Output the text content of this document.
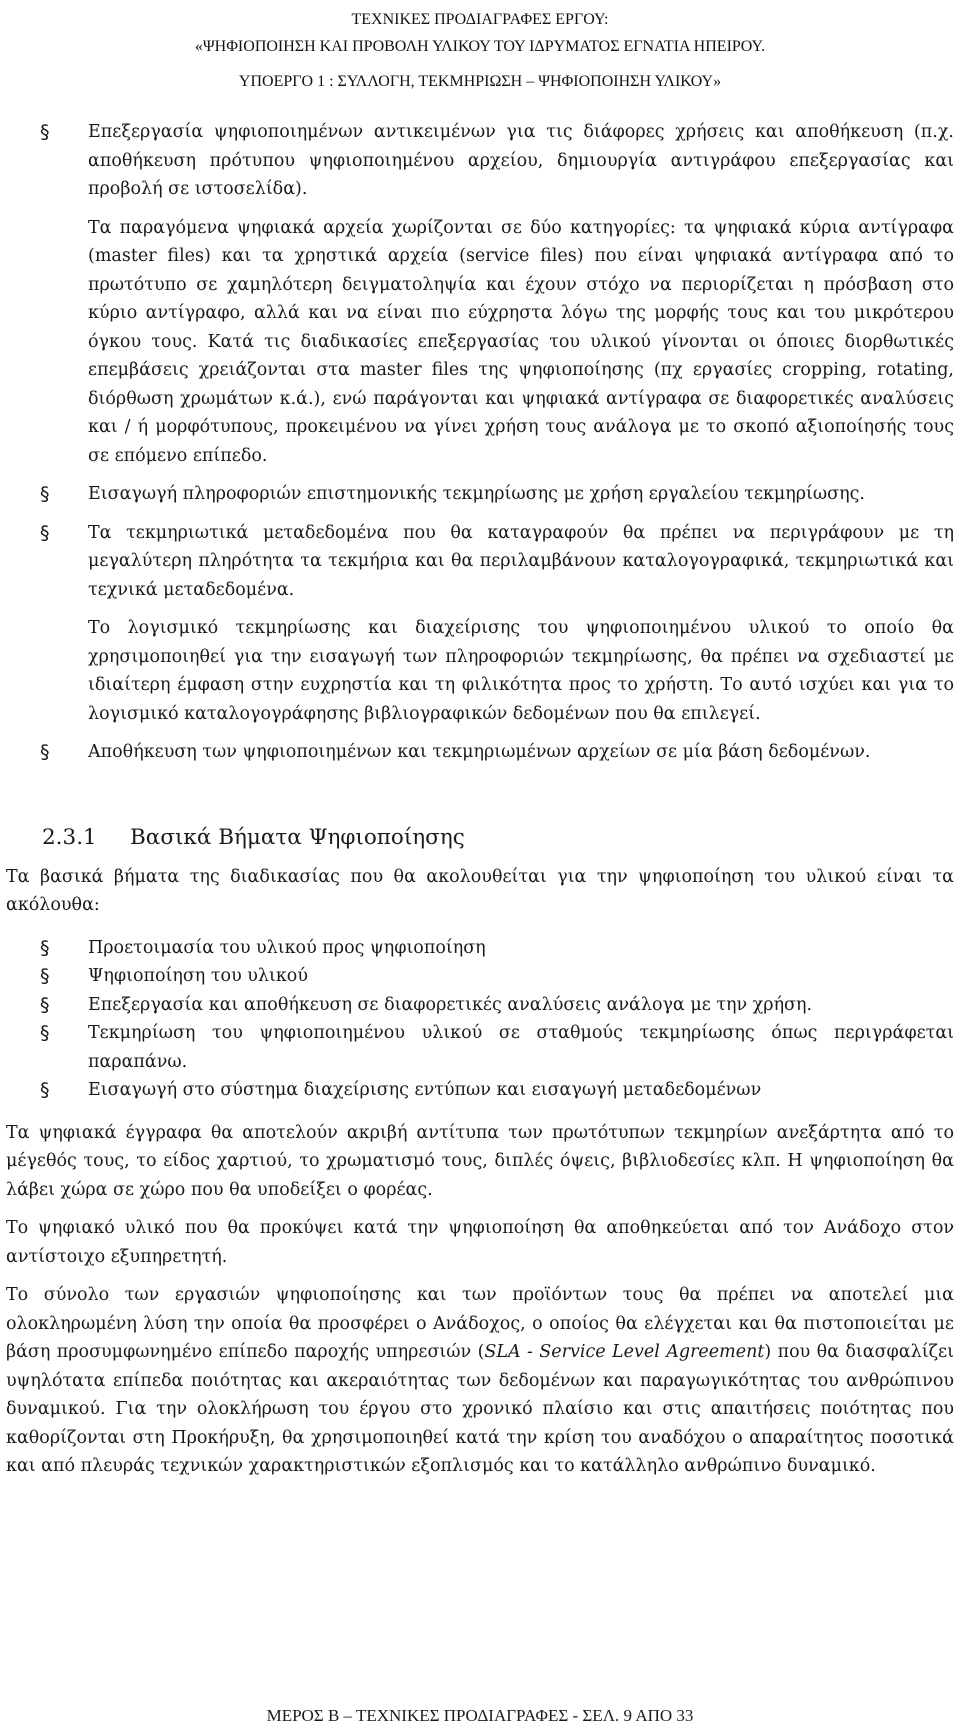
ΤΕΧΝΙΚΕΣ ΠΡΟΔΙΑΓΡΑΦΕΣ ΕΡΓΟΥ:
«ΨΗΦΙΟΠΟΙΗΣΗ ΚΑΙ ΠΡΟΒΟΛΗ ΥΛΙΚΟΥ ΤΟΥ ΙΔΡΥΜΑΤΟΣ ΕΓΝΑΤΙΑ ΗΠΕΙΡΟΥ.
ΥΠΟΕΡΓΟ 1 : ΣΥΛΛΟΓΗ, ΤΕΚΜΗΡΙΩΣΗ – ΨΗΦΙΟΠΟΙΗΣΗ ΥΛΙΚΟΥ»

§ Επεξεργασία ψηφιοποιημένων αντικειμένων για τις διάφορες χρήσεις και αποθήκευση (π.χ. αποθήκευση πρότυπου ψηφιοποιημένου αρχείου, δημιουργία αντιγράφου επεξεργασίας και προβολή σε ιστοσελίδα).

Τα παραγόμενα ψηφιακά αρχεία χωρίζονται σε δύο κατηγορίες: τα ψηφιακά κύρια αντίγραφα (master files) και τα χρηστικά αρχεία (service files) που είναι ψηφιακά αντίγραφα από το πρωτότυπο σε χαμηλότερη δειγματοληψία και έχουν στόχο να περιορίζεται η πρόσβαση στο κύριο αντίγραφο, αλλά και να είναι πιο εύχρηστα λόγω της μορφής τους και του μικρότερου όγκου τους. Κατά τις διαδικασίες επεξεργασίας του υλικού γίνονται οι όποιες διορθωτικές επεμβάσεις χρειάζονται στα master files της ψηφιοποίησης (πχ εργασίες cropping, rotating, διόρθωση χρωμάτων κ.ά.), ενώ παράγονται και ψηφιακά αντίγραφα σε διαφορετικές αναλύσεις και / ή μορφότυπους, προκειμένου να γίνει χρήση τους ανάλογα με το σκοπό αξιοποίησής τους σε επόμενο επίπεδο.

§ Εισαγωγή πληροφοριών επιστημονικής τεκμηρίωσης με χρήση εργαλείου τεκμηρίωσης.

§ Τα τεκμηριωτικά μεταδεδομένα που θα καταγραφούν θα πρέπει να περιγράφουν με τη μεγαλύτερη πληρότητα τα τεκμήρια και θα περιλαμβάνουν καταλογογραφικά, τεκμηριωτικά και τεχνικά μεταδεδομένα.

Το λογισμικό τεκμηρίωσης και διαχείρισης του ψηφιοποιημένου υλικού το οποίο θα χρησιμοποιηθεί για την εισαγωγή των πληροφοριών τεκμηρίωσης, θα πρέπει να σχεδιαστεί με ιδιαίτερη έμφαση στην ευχρηστία και τη φιλικότητα προς το χρήστη. Το αυτό ισχύει και για το λογισμικό καταλογογράφησης βιβλιογραφικών δεδομένων που θα επιλεγεί.

§ Αποθήκευση των ψηφιοποιημένων και τεκμηριωμένων αρχείων σε μία βάση δεδομένων.

2.3.1 Βασικά Βήματα Ψηφιοποίησης

Τα βασικά βήματα της διαδικασίας που θα ακολουθείται για την ψηφιοποίηση του υλικού είναι τα ακόλουθα:

§ Προετοιμασία του υλικού προς ψηφιοποίηση

§ Ψηφιοποίηση του υλικού

§ Επεξεργασία και αποθήκευση σε διαφορετικές αναλύσεις ανάλογα με την χρήση.

§ Τεκμηρίωση του ψηφιοποιημένου υλικού σε σταθμούς τεκμηρίωσης όπως περιγράφεται παραπάνω.

§ Εισαγωγή στο σύστημα διαχείρισης εντύπων και εισαγωγή μεταδεδομένων

Τα ψηφιακά έγγραφα θα αποτελούν ακριβή αντίτυπα των πρωτότυπων τεκμηρίων ανεξάρτητα από το μέγεθός τους, το είδος χαρτιού, το χρωματισμό τους, διπλές όψεις, βιβλιοδεσίες κλπ. Η ψηφιοποίηση θα λάβει χώρα σε χώρο που θα υποδείξει ο φορέας.

Το ψηφιακό υλικό που θα προκύψει κατά την ψηφιοποίηση θα αποθηκεύεται από τον Ανάδοχο στον αντίστοιχο εξυπηρετητή.

Το σύνολο των εργασιών ψηφιοποίησης και των προϊόντων τους θα πρέπει να αποτελεί μια ολοκληρωμένη λύση την οποία θα προσφέρει ο Ανάδοχος, ο οποίος θα ελέγχεται και θα πιστοποιείται με βάση προσυμφωνημένο επίπεδο παροχής υπηρεσιών (SLA - Service Level Agreement) που θα διασφαλίζει υψηλότατα επίπεδα ποιότητας και ακεραιότητας των δεδομένων και παραγωγικότητας του ανθρώπινου δυναμικού. Για την ολοκλήρωση του έργου στο χρονικό πλαίσιο και στις απαιτήσεις ποιότητας που καθορίζονται στη Προκήρυξη, θα χρησιμοποιηθεί κατά την κρίση του αναδόχου ο απαραίτητος ποσοτικά και από πλευράς τεχνικών χαρακτηριστικών εξοπλισμός και το κατάλληλο ανθρώπινο δυναμικό.

ΜΕΡΟΣ Β – ΤΕΧΝΙΚΕΣ ΠΡΟΔΙΑΓΡΑΦΕΣ - ΣΕΛ. 9 ΑΠΟ 33
